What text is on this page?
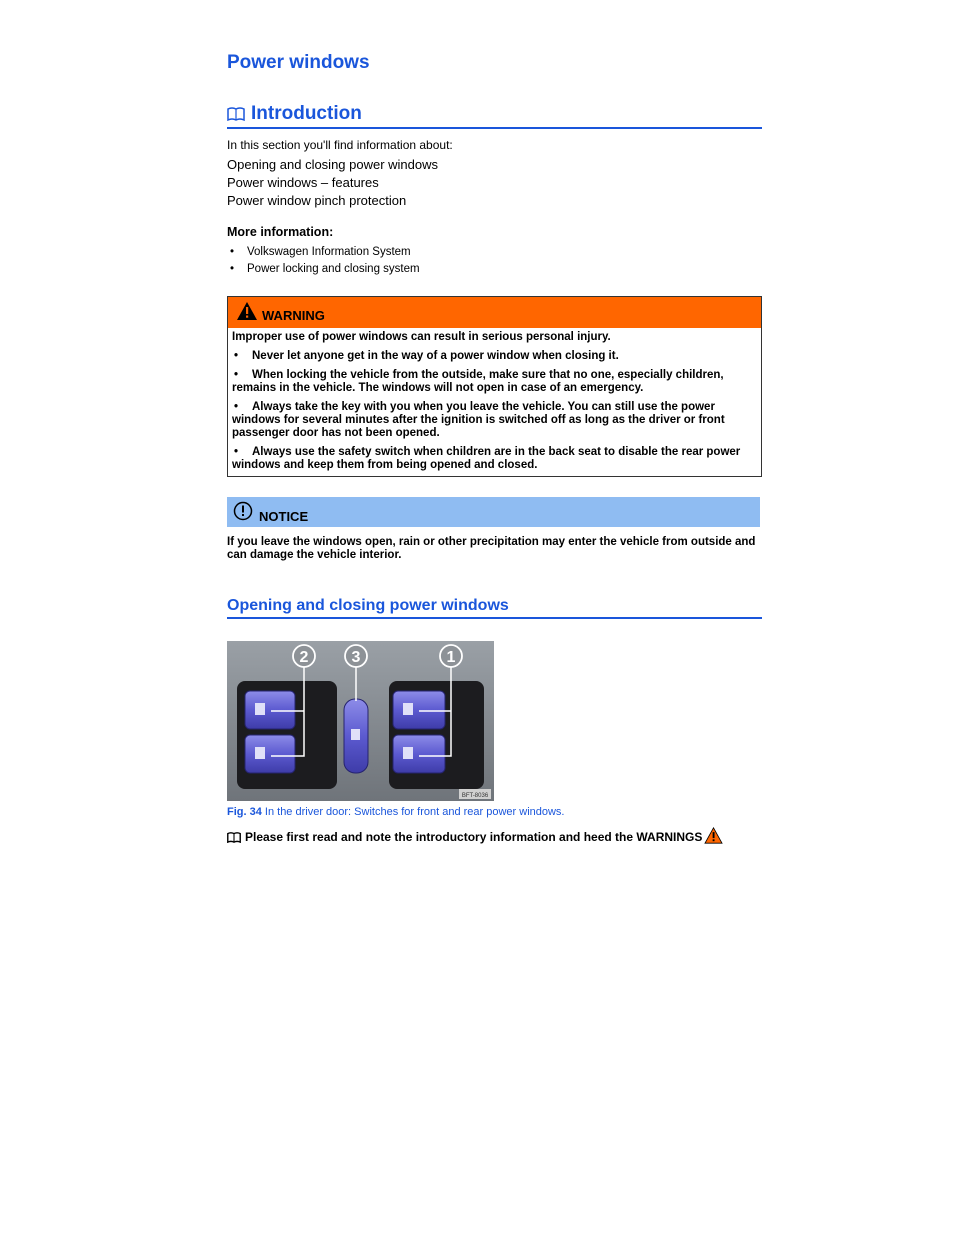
Power windows
Introduction
In this section you'll find information about:
Opening and closing power windows
Power windows – features
Power window pinch protection
More information:
• Volkswagen Information System
• Power locking and closing system
WARNING

Improper use of power windows can result in serious personal injury.

• Never let anyone get in the way of a power window when closing it.
• When locking the vehicle from the outside, make sure that no one, especially children, remains in the vehicle. The windows will not open in case of an emergency.
• Always take the key with you when you leave the vehicle. You can still use the power windows for several minutes after the ignition is switched off as long as the driver or front passenger door has not been opened.
• Always use the safety switch when children are in the back seat to disable the rear power windows and keep them from being opened and closed.
NOTICE
If you leave the windows open, rain or other precipitation may enter the vehicle from outside and can damage the vehicle interior.
Opening and closing power windows
2	3	1
BFT-8036
Fig. 34 In the driver door: Switches for front and rear power windows.
Please first read and note the introductory information and heed the WARNINGS
